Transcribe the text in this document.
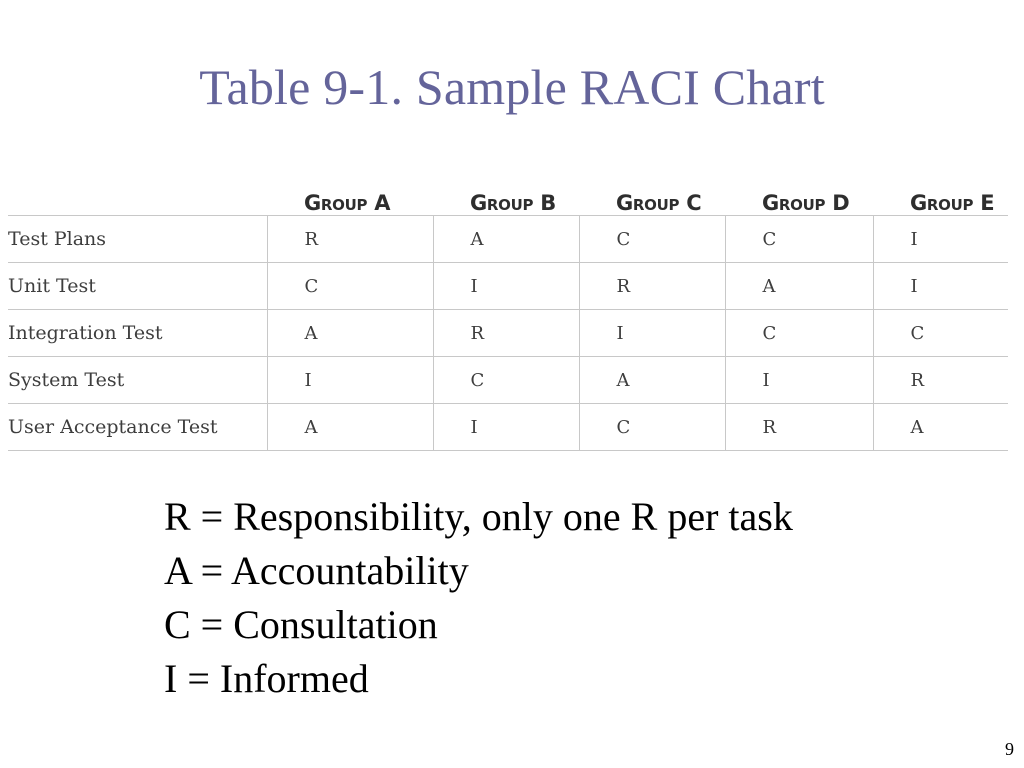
Table 9-1. Sample RACI Chart
	Group A	Group B	Group C	Group D	Group E
Test Plans	R	A	C	C	I
Unit Test	C	I	R	A	I
Integration Test	A	R	I	C	C
System Test	I	C	A	I	R
User Acceptance Test	A	I	C	R	A
R = Responsibility, only one R per task
A = Accountability
C = Consultation
I = Informed
9
